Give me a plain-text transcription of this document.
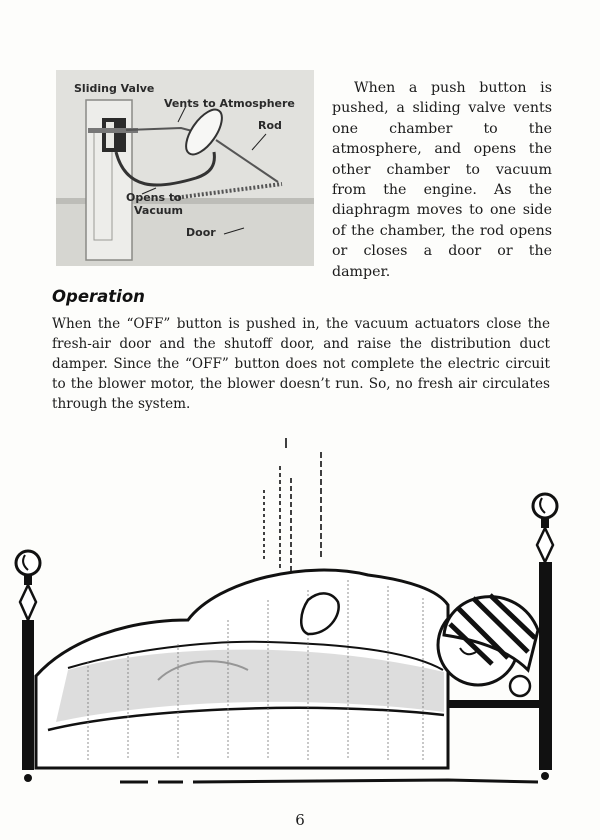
Sliding Valve
Vents to Atmosphere
Rod
Opens to
Vacuum
Door

When a push button is pushed, a sliding valve vents one chamber to the atmosphere, and opens the other chamber to vacuum from the engine. As the diaphragm moves to one side of the chamber, the rod opens or closes a door or the damper.

Operation

When the “OFF” button is pushed in, the vacuum actuators close the fresh-air door and the shutoff door, and raise the distribution duct damper. Since the “OFF” button does not complete the electric circuit to the blower motor, the blower doesn’t run. So, no fresh air circulates through the system.

6
